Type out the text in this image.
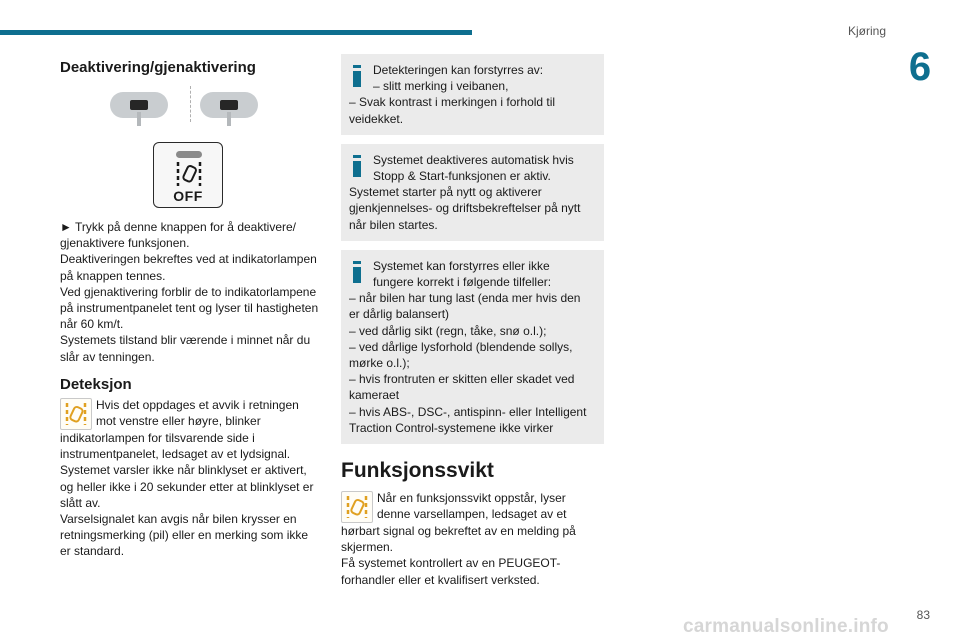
Kjøring
6
Deaktivering/gjenaktivering
OFF

► Trykk på denne knappen for å deaktivere/

gjenaktivere funksjonen.

Deaktiveringen bekreftes ved at indikatorlampen

på knappen tennes.

Ved gjenaktivering forblir de to indikatorlampene

på instrumentpanelet tent og lyser til hastigheten

når 60 km/t.

Systemets tilstand blir værende i minnet når du

slår av tenningen.

Deteksjon

Hvis det oppdages et avvik i retningen

mot venstre eller høyre, blinker

indikatorlampen for tilsvarende side i

instrumentpanelet, ledsaget av et lydsignal.

Systemet varsler ikke når blinklyset er aktivert,

og heller ikke i 20 sekunder etter at blinklyset er

slått av.

Varselsignalet kan avgis når bilen krysser en

retningsmerking (pil) eller en merking som ikke

er standard.

Detekteringen kan forstyrres av:

– slitt merking i veibanen,

– Svak kontrast i merkingen i forhold til

veidekket.

Systemet deaktiveres automatisk hvis

Stopp & Start-funksjonen er aktiv.

Systemet starter på nytt og aktiverer

gjenkjennelses- og driftsbekreftelser på nytt

når bilen startes.

Systemet kan forstyrres eller ikke

fungere korrekt i følgende tilfeller:

– når bilen har tung last (enda mer hvis den

er dårlig balansert)

– ved dårlig sikt (regn, tåke, snø o.l.);

– ved dårlige lysforhold (blendende sollys,

mørke o.l.);

– hvis frontruten er skitten eller skadet ved

kameraet

– hvis ABS-, DSC-, antispinn- eller Intelligent

Traction Control-systemene ikke virker

Funksjonssvikt

Når en funksjonssvikt oppstår, lyser

denne varsellampen, ledsaget av et

hørbart signal og bekreftet av en melding på

skjermen.

Få systemet kontrollert av en PEUGEOT-

forhandler eller et kvalifisert verksted.

83
carmanualsonline.info
